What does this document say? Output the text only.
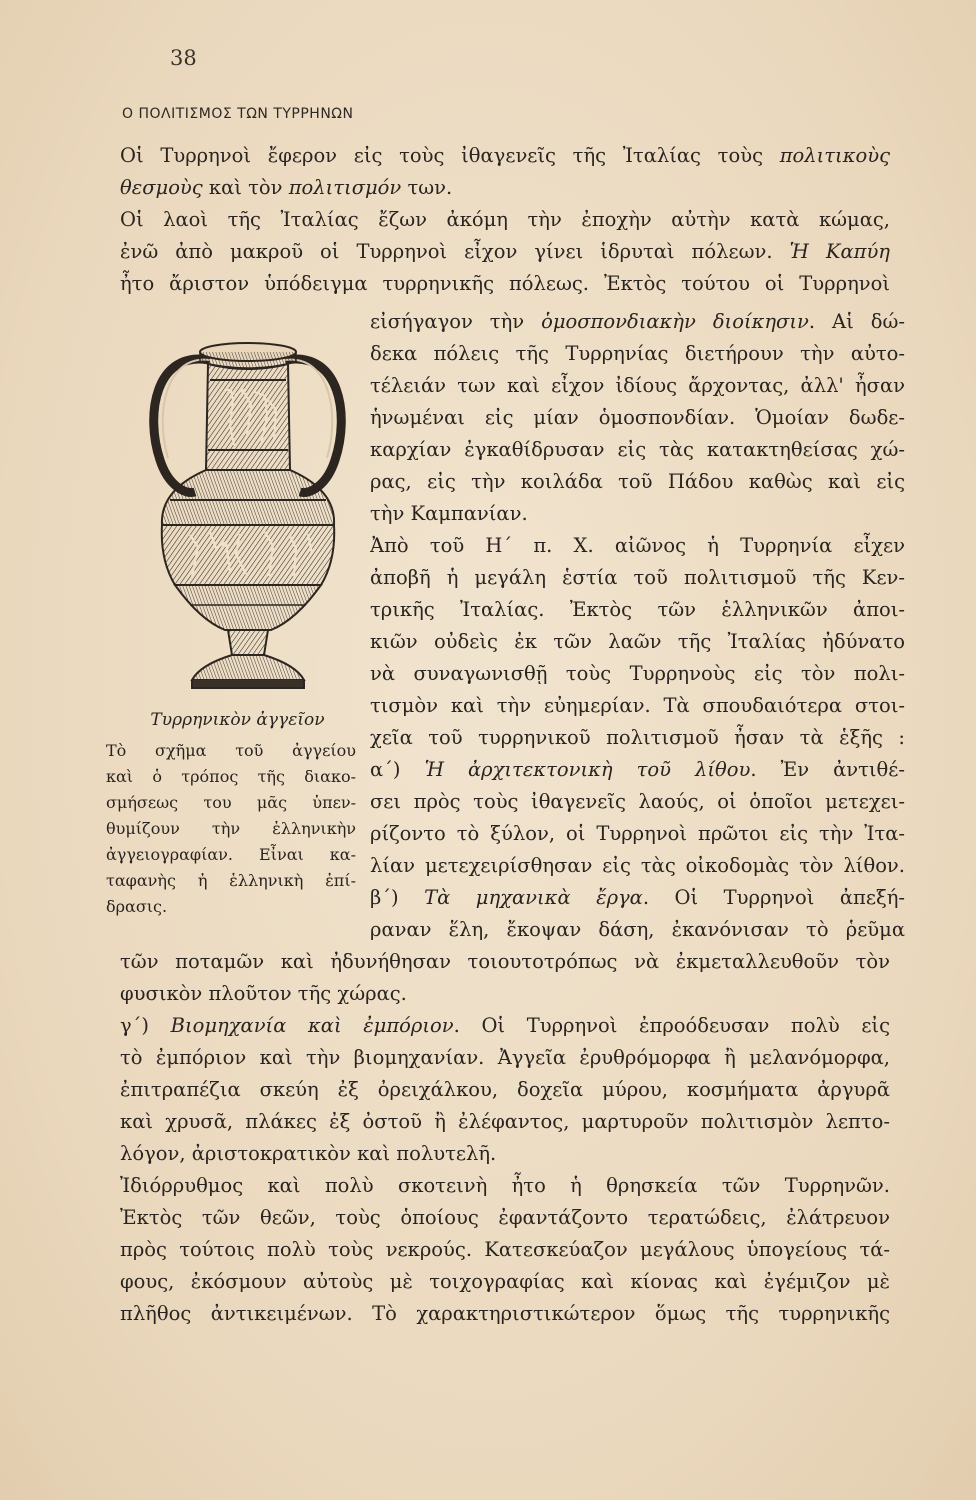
38
Ο ΠΟΛΙΤΙΣΜΟΣ ΤΩΝ ΤΥΡΡΗΝΩΝ
Οἱ Τυρρηνοὶ ἔφερον εἰς τοὺς ἰθαγενεῖς τῆς Ἰταλίας τοὺς πολιτικοὺς
θεσμοὺς καὶ τὸν πολιτισμόν των.
Οἱ λαοὶ τῆς Ἰταλίας ἔζων ἀκόμη τὴν ἐποχὴν αὐτὴν κατὰ κώμας,
ἐνῶ ἀπὸ μακροῦ οἱ Τυρρηνοὶ εἶχον γίνει ἱδρυταὶ πόλεων. Ἡ Καπύη
ἦτο ἄριστον ὑπόδειγμα τυρρηνικῆς πόλεως. Ἐκτὸς τούτου οἱ Τυρρηνοὶ
Τυρρηνικὸν ἀγγεῖον
Τὸ σχῆμα τοῦ ἀγγείου
καὶ ὁ τρόπος τῆς διακο-
σμήσεως του μᾶς ὑπεν-
θυμίζουν τὴν ἑλληνικὴν
ἀγγειογραφίαν. Εἶναι κα-
ταφανὴς ἡ ἑλληνικὴ ἐπί-
δρασις.
εἰσήγαγον τὴν ὁμοσπονδιακὴν διοίκησιν. Αἱ δώ-
δεκα πόλεις τῆς Τυρρηνίας διετήρουν τὴν αὐτο-
τέλειάν των καὶ εἶχον ἰδίους ἄρχοντας, ἀλλ' ἦσαν
ἡνωμέναι εἰς μίαν ὁμοσπονδίαν. Ὁμοίαν δωδε-
καρχίαν ἐγκαθίδρυσαν εἰς τὰς κατακτηθείσας χώ-
ρας, εἰς τὴν κοιλάδα τοῦ Πάδου καθὼς καὶ εἰς
τὴν Καμπανίαν.
Ἀπὸ τοῦ Η´ π. Χ. αἰῶνος ἡ Τυρρηνία εἶχεν
ἀποβῆ ἡ μεγάλη ἑστία τοῦ πολιτισμοῦ τῆς Κεν-
τρικῆς Ἰταλίας. Ἐκτὸς τῶν ἑλληνικῶν ἀποι-
κιῶν οὐδεὶς ἐκ τῶν λαῶν τῆς Ἰταλίας ἠδύνατο
νὰ συναγωνισθῇ τοὺς Τυρρηνοὺς εἰς τὸν πολι-
τισμὸν καὶ τὴν εὐημερίαν. Τὰ σπουδαιότερα στοι-
χεῖα τοῦ τυρρηνικοῦ πολιτισμοῦ ἦσαν τὰ ἑξῆς :
α´) Ἡ ἀρχιτεκτονικὴ τοῦ λίθου. Ἐν ἀντιθέ-
σει πρὸς τοὺς ἰθαγενεῖς λαούς, οἱ ὁποῖοι μετεχει-
ρίζοντο τὸ ξύλον, οἱ Τυρρηνοὶ πρῶτοι εἰς τὴν Ἰτα-
λίαν μετεχειρίσθησαν εἰς τὰς οἰκοδομὰς τὸν λίθον.
β´) Τὰ μηχανικὰ ἔργα. Οἱ Τυρρηνοὶ ἀπεξή-
ραναν ἕλη, ἔκοψαν δάση, ἐκανόνισαν τὸ ῥεῦμα
τῶν ποταμῶν καὶ ἠδυνήθησαν τοιουτοτρόπως νὰ ἐκμεταλλευθοῦν τὸν
φυσικὸν πλοῦτον τῆς χώρας.
γ´) Βιομηχανία καὶ ἐμπόριον. Οἱ Τυρρηνοὶ ἐπροόδευσαν πολὺ εἰς
τὸ ἐμπόριον καὶ τὴν βιομηχανίαν. Ἀγγεῖα ἐρυθρόμορφα ἢ μελανόμορφα,
ἐπιτραπέζια σκεύη ἐξ ὀρειχάλκου, δοχεῖα μύρου, κοσμήματα ἀργυρᾶ
καὶ χρυσᾶ, πλάκες ἐξ ὀστοῦ ἢ ἐλέφαντος, μαρτυροῦν πολιτισμὸν λεπτο-
λόγον, ἀριστοκρατικὸν καὶ πολυτελῆ.
Ἰδιόρρυθμος καὶ πολὺ σκοτεινὴ ἦτο ἡ θρησκεία τῶν Τυρρηνῶν.
Ἐκτὸς τῶν θεῶν, τοὺς ὁποίους ἐφαντάζοντο τερατώδεις, ἐλάτρευον
πρὸς τούτοις πολὺ τοὺς νεκρούς. Κατεσκεύαζον μεγάλους ὑπογείους τά-
φους, ἐκόσμουν αὐτοὺς μὲ τοιχογραφίας καὶ κίονας καὶ ἐγέμιζον μὲ
πλῆθος ἀντικειμένων. Τὸ χαρακτηριστικώτερον ὅμως τῆς τυρρηνικῆς
